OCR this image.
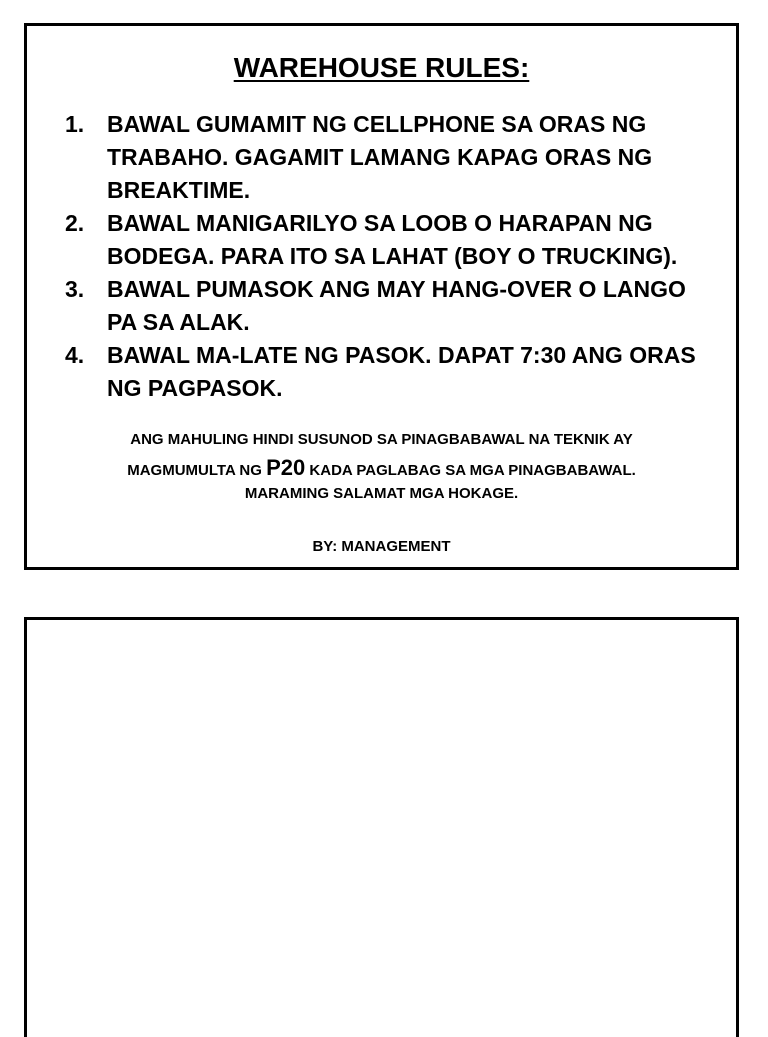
WAREHOUSE RULES:
1. BAWAL GUMAMIT NG CELLPHONE SA ORAS NG TRABAHO. GAGAMIT LAMANG KAPAG ORAS NG BREAKTIME.
2. BAWAL MANIGARILYO SA LOOB O HARAPAN NG BODEGA. PARA ITO SA LAHAT (BOY O TRUCKING).
3. BAWAL PUMASOK ANG MAY HANG-OVER O LANGO PA SA ALAK.
4. BAWAL MA-LATE NG PASOK. DAPAT 7:30 ANG ORAS NG PAGPASOK.

ANG MAHULING HINDI SUSUNOD SA PINAGBABAWAL NA TEKNIK AY
MAGMUMULTA NG P20 KADA PAGLABAG SA MGA PINAGBABAWAL.
MARAMING SALAMAT MGA HOKAGE.

BY: MANAGEMENT
